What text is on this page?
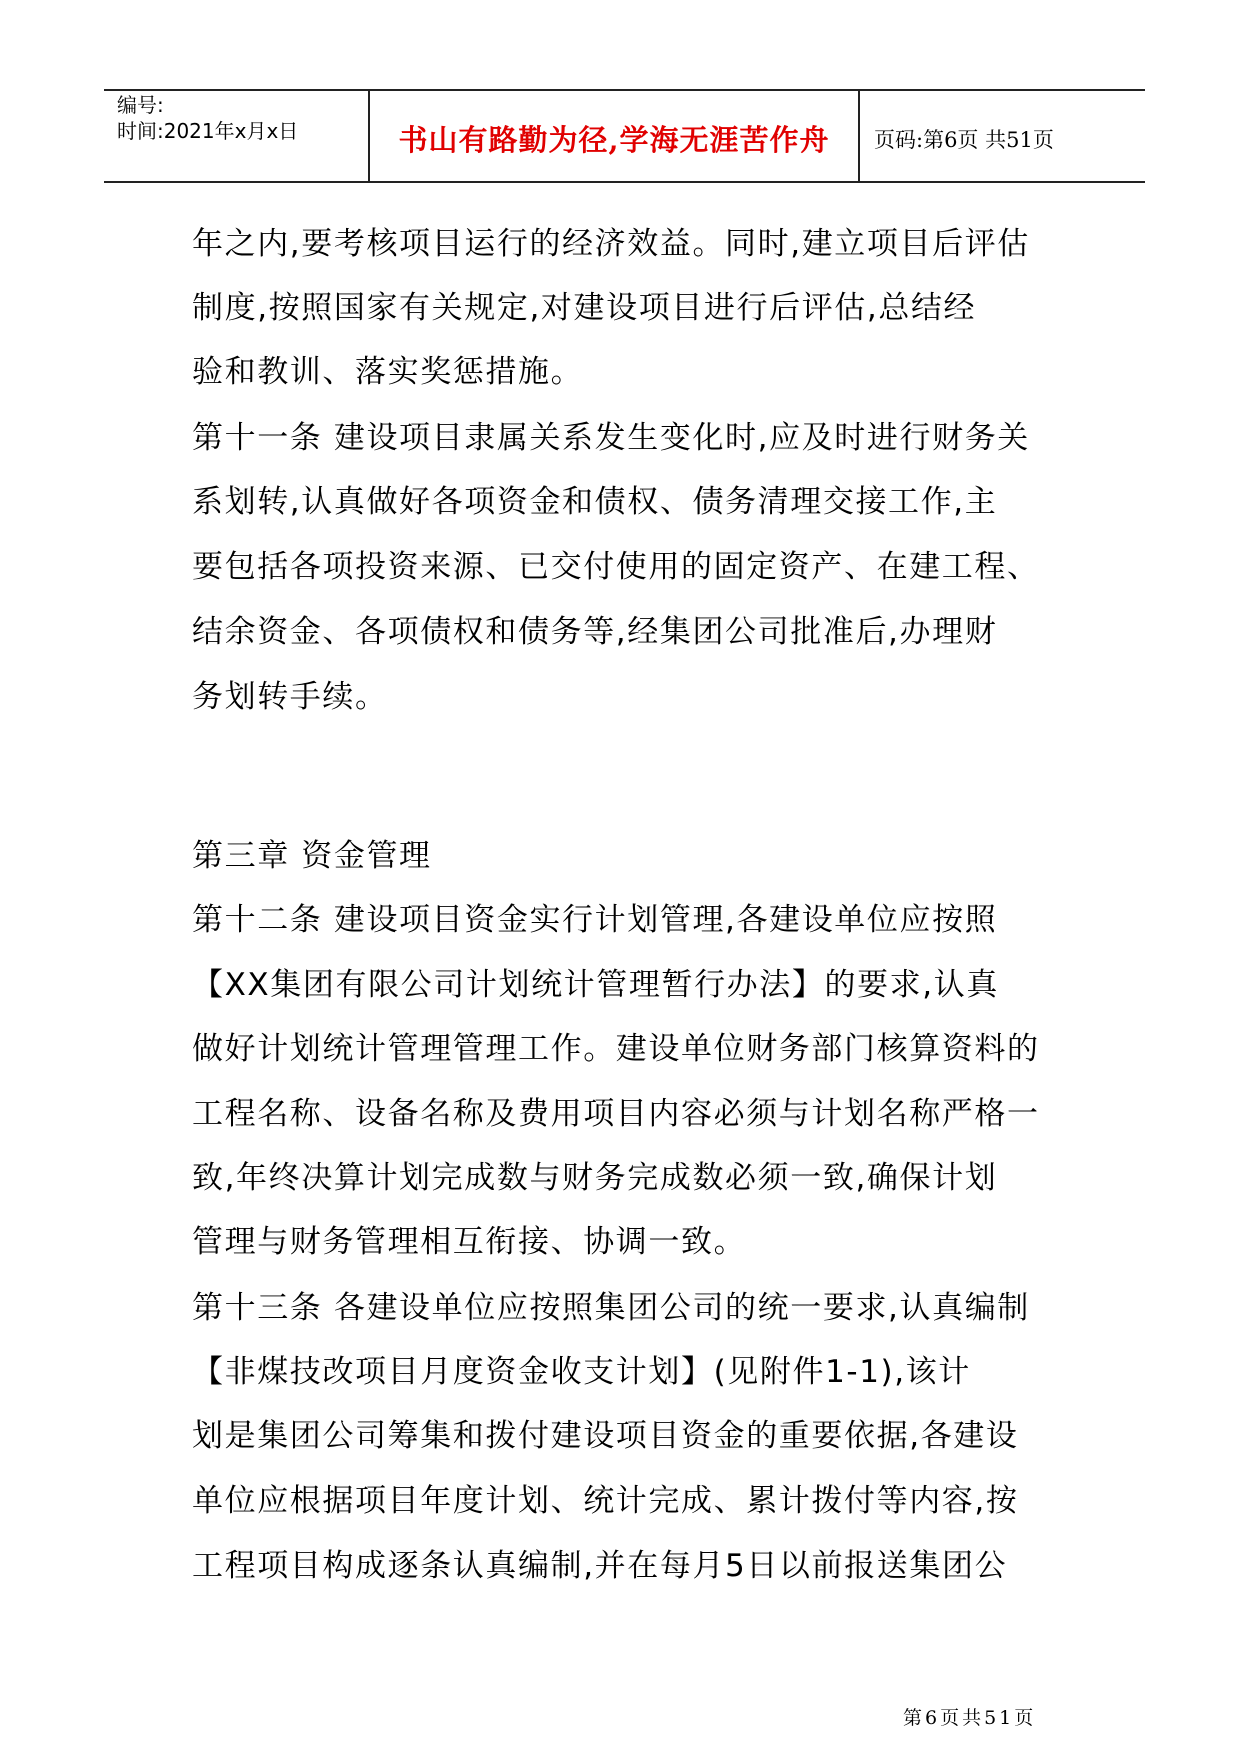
编号:
时间:2021年x月x日	书山有路勤为径,学海无涯苦作舟	页码:第6页 共51页
年之内,要考核项目运行的经济效益。同时,建立项目后评估
制度,按照国家有关规定,对建设项目进行后评估,总结经
验和教训、落实奖惩措施。
第十一条 建设项目隶属关系发生变化时,应及时进行财务关
系划转,认真做好各项资金和债权、债务清理交接工作,主
要包括各项投资来源、已交付使用的固定资产、在建工程、
结余资金、各项债权和债务等,经集团公司批准后,办理财
务划转手续。
第三章 资金管理
第十二条 建设项目资金实行计划管理,各建设单位应按照
【XX集团有限公司计划统计管理暂行办法】的要求,认真
做好计划统计管理管理工作。建设单位财务部门核算资料的
工程名称、设备名称及费用项目内容必须与计划名称严格一
致,年终决算计划完成数与财务完成数必须一致,确保计划
管理与财务管理相互衔接、协调一致。
第十三条 各建设单位应按照集团公司的统一要求,认真编制
【非煤技改项目月度资金收支计划】(见附件1-1),该计
划是集团公司筹集和拨付建设项目资金的重要依据,各建设
单位应根据项目年度计划、统计完成、累计拨付等内容,按
工程项目构成逐条认真编制,并在每月5日以前报送集团公
第6页共51页
